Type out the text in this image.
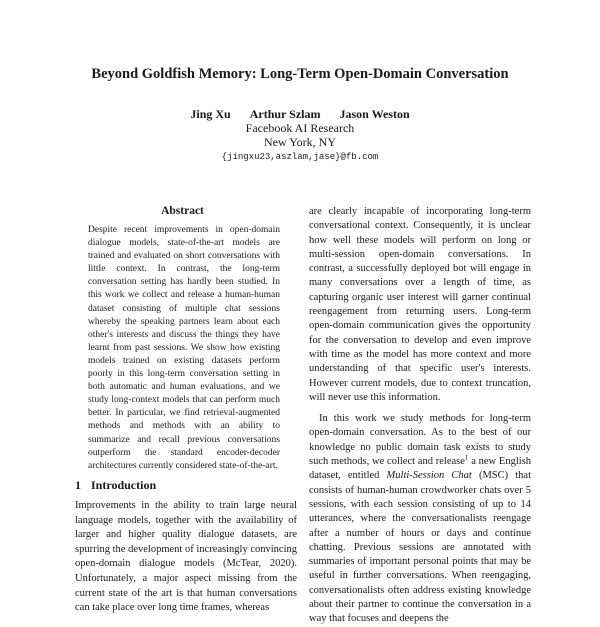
Beyond Goldfish Memory: Long-Term Open-Domain Conversation
Jing Xu Arthur Szlam Jason Weston
Facebook AI Research
New York, NY
{jingxu23,aszlam,jase}@fb.com
Abstract
Despite recent improvements in open-domain dialogue models, state-of-the-art models are trained and evaluated on short conversations with little context. In contrast, the long-term conversation setting has hardly been studied. In this work we collect and release a human-human dataset consisting of multiple chat sessions whereby the speaking partners learn about each other's interests and discuss the things they have learnt from past sessions. We show how existing models trained on existing datasets perform poorly in this long-term conversation setting in both automatic and human evaluations, and we study long-context models that can perform much better. In particular, we find retrieval-augmented methods and methods with an ability to summarize and recall previous conversations outperform the standard encoder-decoder architectures currently considered state-of-the-art.
1 Introduction
Improvements in the ability to train large neural language models, together with the availability of larger and higher quality dialogue datasets, are spurring the development of increasingly convincing open-domain dialogue models (McTear, 2020). Unfortunately, a major aspect missing from the current state of the art is that human conversations can take place over long time frames, whereas

are clearly incapable of incorporating long-term conversational context. Consequently, it is unclear how well these models will perform on long or multi-session open-domain conversations. In contrast, a successfully deployed bot will engage in many conversations over a length of time, as capturing organic user interest will garner continual reengagement from returning users. Long-term open-domain communication gives the opportunity for the conversation to develop and even improve with time as the model has more context and more understanding of that specific user's interests. However current models, due to context truncation, will never use this information.

In this work we study methods for long-term open-domain conversation. As to the best of our knowledge no public domain task exists to study such methods, we collect and release$^1$ a new English dataset, entitled Multi-Session Chat (MSC) that consists of human-human crowdworker chats over 5 sessions, with each session consisting of up to 14 utterances, where the conversationalists reengage after a number of hours or days and continue chatting. Previous sessions are annotated with summaries of important personal points that may be useful in further conversations. When reengaging, conversationalists often address existing knowledge about their partner to continue the conversation in a way that focuses and deepens the
